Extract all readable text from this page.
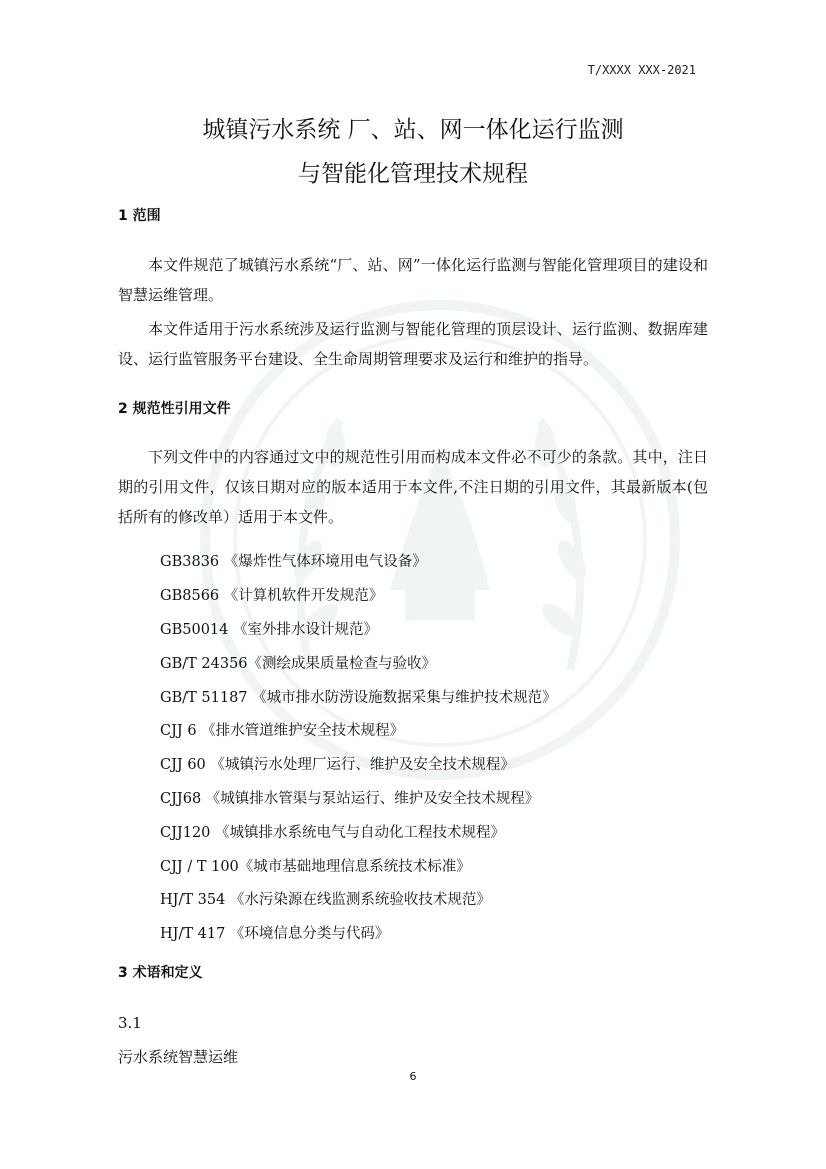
T/XXXX XXX-2021
城镇污水系统 厂、站、网一体化运行监测
与智能化管理技术规程
1 范围
本文件规范了城镇污水系统“厂、站、网”一体化运行监测与智能化管理项目的建设和智慧运维管理。
本文件适用于污水系统涉及运行监测与智能化管理的顶层设计、运行监测、数据库建设、运行监管服务平台建设、全生命周期管理要求及运行和维护的指导。
2 规范性引用文件
下列文件中的内容通过文中的规范性引用而构成本文件必不可少的条款。其中，注日期的引用文件，仅该日期对应的版本适用于本文件,不注日期的引用文件，其最新版本(包括所有的修改单）适用于本文件。
GB3836 《爆炸性气体环境用电气设备》
GB8566 《计算机软件开发规范》
GB50014 《室外排水设计规范》
GB/T 24356《测绘成果质量检查与验收》
GB/T 51187 《城市排水防涝设施数据采集与维护技术规范》
CJJ 6 《排水管道维护安全技术规程》
CJJ 60 《城镇污水处理厂运行、维护及安全技术规程》
CJJ68 《城镇排水管渠与泵站运行、维护及安全技术规程》
CJJ120 《城镇排水系统电气与自动化工程技术规程》
CJJ / T 100《城市基础地理信息系统技术标准》
HJ/T 354 《水污染源在线监测系统验收技术规范》
HJ/T 417 《环境信息分类与代码》
3 术语和定义
3.1
污水系统智慧运维
6
